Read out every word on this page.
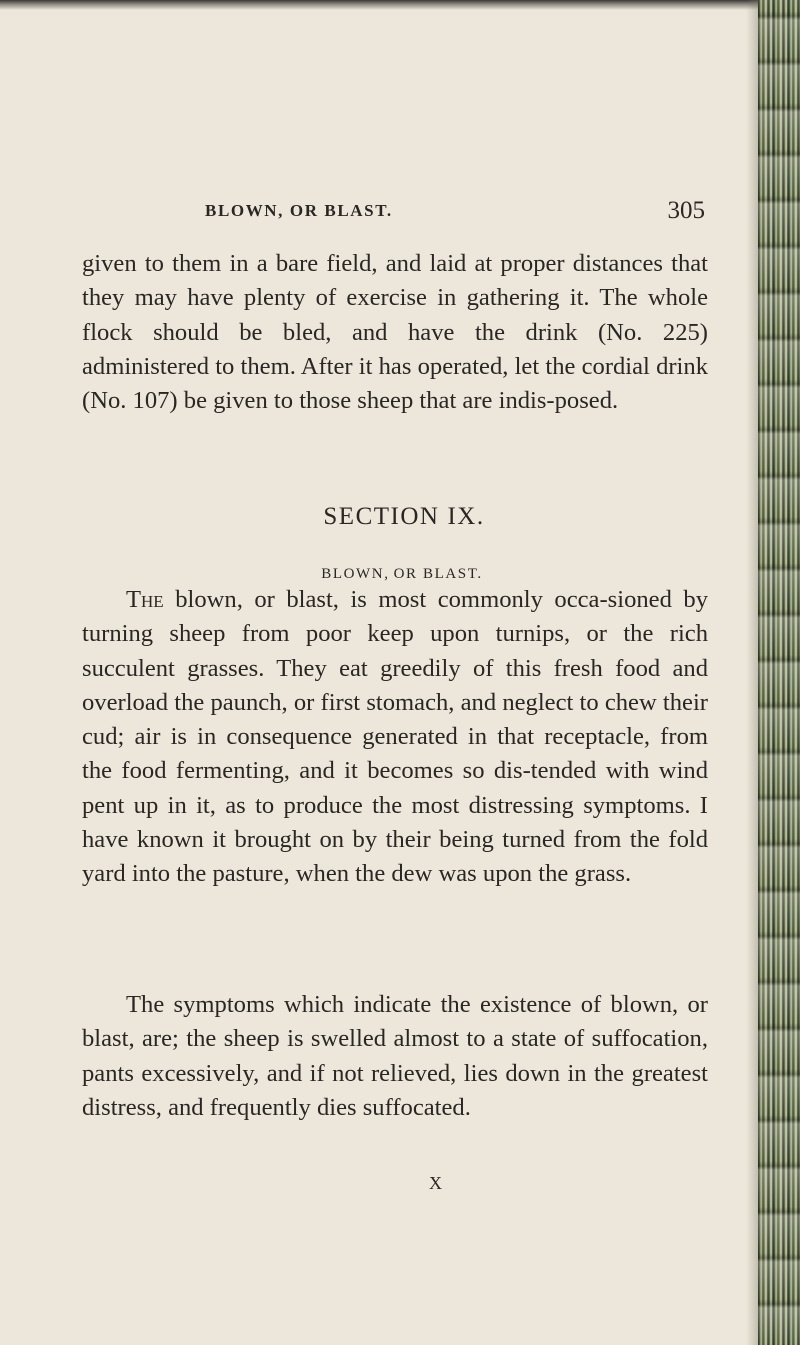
BLOWN, OR BLAST.	305
given to them in a bare field, and laid at proper distances that they may have plenty of exercise in gathering it. The whole flock should be bled, and have the drink (No. 225) administered to them. After it has operated, let the cordial drink (No. 107) be given to those sheep that are indis-posed.
SECTION IX.
BLOWN, OR BLAST.
The blown, or blast, is most commonly occa-sioned by turning sheep from poor keep upon turnips, or the rich succulent grasses. They eat greedily of this fresh food and overload the paunch, or first stomach, and neglect to chew their cud; air is in consequence generated in that receptacle, from the food fermenting, and it becomes so dis-tended with wind pent up in it, as to produce the most distressing symptoms. I have known it brought on by their being turned from the fold yard into the pasture, when the dew was upon the grass.
The symptoms which indicate the existence of blown, or blast, are; the sheep is swelled almost to a state of suffocation, pants excessively, and if not relieved, lies down in the greatest distress, and frequently dies suffocated.
X
